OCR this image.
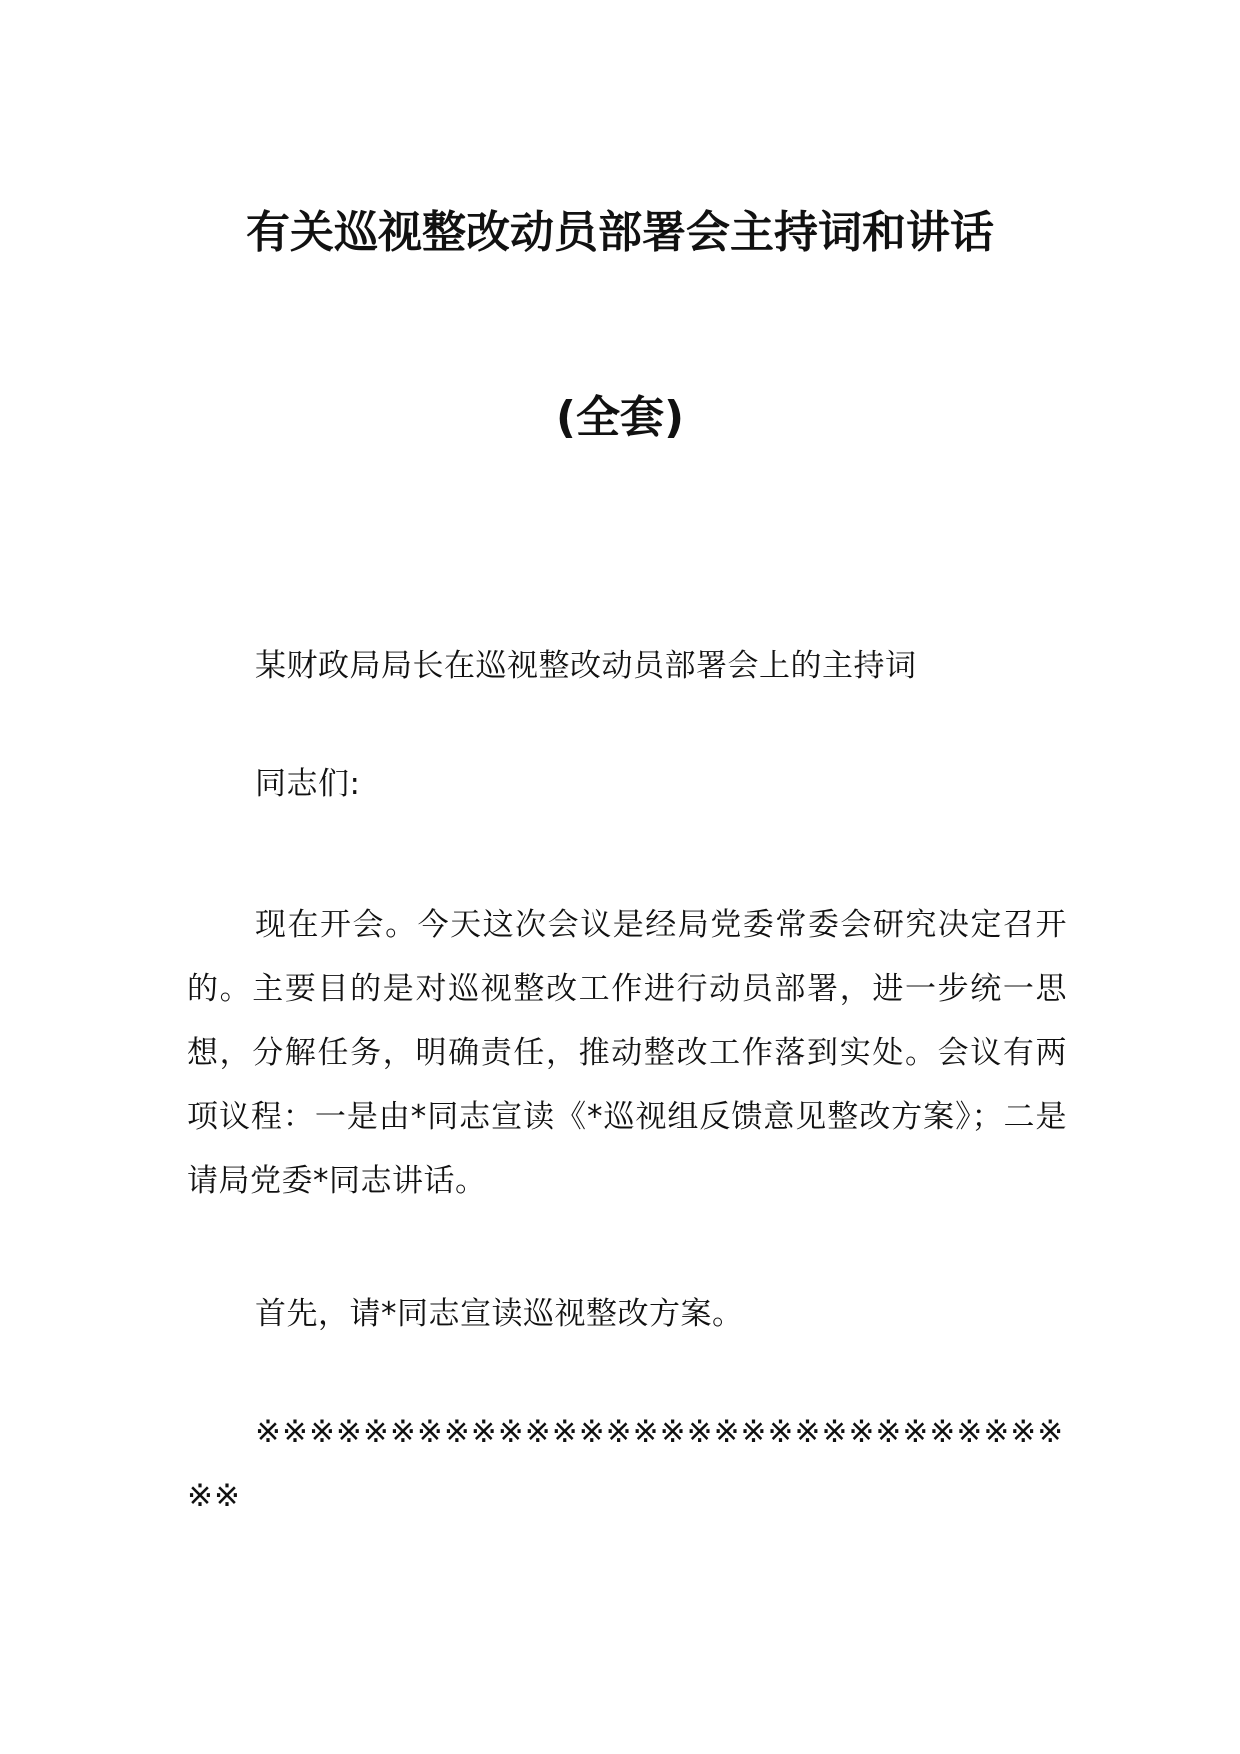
有关巡视整改动员部署会主持词和讲话
(全套)

某财政局局长在巡视整改动员部署会上的主持词

同志们:

现在开会。今天这次会议是经局党委常委会研究决定召开的。主要目的是对巡视整改工作进行动员部署，进一步统一思想，分解任务，明确责任，推动整改工作落到实处。会议有两项议程：一是由*同志宣读《*巡视组反馈意见整改方案》；二是请局党委*同志讲话。

首先，请*同志宣读巡视整改方案。

※※※※※※※※※※※※※※※※※※※※※※※※※※※※※※※※
